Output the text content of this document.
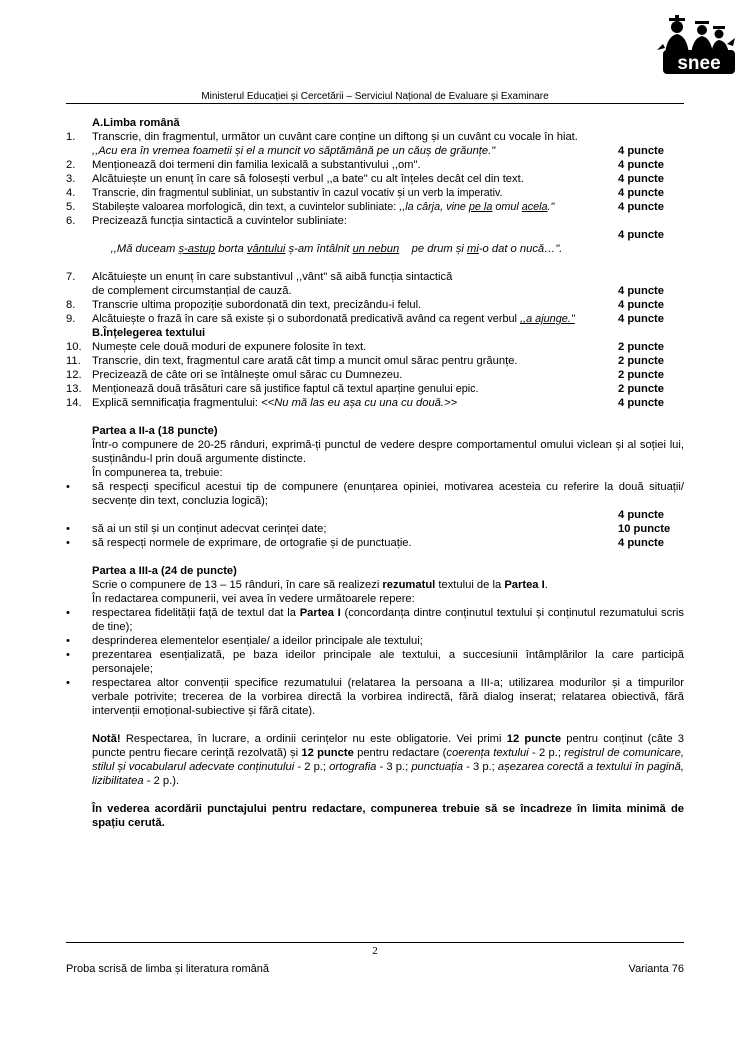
snee
Ministerul Educației și Cercetării – Serviciul Național de Evaluare și Examinare
A.Limba română
1.	Transcrie, din fragmentul, următor un cuvânt care conține un diftong și un cuvânt cu vocale în hiat.
,,Acu era în vremea foametii și el a muncit vo săptămână pe un căuș de grăunțe."	4 puncte
2.	Menționează doi termeni din familia lexicală a substantivului ,,om".	4 puncte
3.	Alcătuiește un enunț în care să folosești verbul ,,a bate" cu alt înțeles decât cel din text.	4 puncte
4.	Transcrie, din fragmentul subliniat, un substantiv în cazul vocativ și un verb la imperativ.	4 puncte
5.	Stabilește valoarea morfologică, din text, a cuvintelor subliniate: ,,la cârja, vine pe la omul acela."	4 puncte
6.	Precizează funcția sintactică a cuvintelor subliniate:

,,Mă duceam ș-astup borta vântului ș-am întâlnit un nebun    pe drum și mi-o dat o nucă…".

4 puncte
7.	Alcătuiește un enunț în care substantivul ,,vânt" să aibă funcția sintactică
de complement circumstanțial de cauză.	4 puncte
8.	Transcrie ultima propoziție subordonată din text, precizându-i felul.	4 puncte
9.	Alcătuiește o frază în care să existe și o subordonată predicativă având ca regent verbul ,,a ajunge."	4 puncte
B.Înțelegerea textului
10. Numește cele două moduri de expunere folosite în text.	2 puncte
11.	Transcrie, din text, fragmentul care arată cât timp a muncit omul sărac pentru grăunțe.	2 puncte
12. Precizează de câte ori se întâlnește omul sărac cu Dumnezeu.	2 puncte
13. Menționează două trăsături care să justifice faptul că textul aparține genului epic.	2 puncte
14. Explică semnificația fragmentului: <<Nu mă las eu așa cu una cu două.>>	4 puncte
Partea a II-a (18 puncte)
Într-o compunere de 20-25 rânduri, exprimă-ți punctul de vedere despre comportamentul omului viclean și al soției lui, susținându-l prin două argumente distincte.
În compunerea ta, trebuie:
•	să respecți specificul acestui tip de compunere (enunțarea opiniei, motivarea acesteia cu referire la două situații/ secvențe din text, concluzia logică);
4 puncte
•	să ai un stil și un conținut adecvat cerinței date;	10 puncte
•	să respecți normele de exprimare, de ortografie și de punctuație.	4 puncte
Partea a III-a (24 de puncte)
Scrie o compunere de 13 – 15 rânduri, în care să realizezi rezumatul textului de la Partea I.
În redactarea compunerii, vei avea în vedere următoarele repere:
•	respectarea fidelității față de textul dat la Partea I (concordanța dintre conținutul textului și conținutul rezumatului scris de tine);
•	desprinderea elementelor esențiale/ a ideilor principale ale textului;
•	prezentarea esențializată, pe baza ideilor principale ale textului, a succesiunii întâmplărilor la care participă personajele;
•	respectarea altor convenții specifice rezumatului (relatarea la persoana a III-a; utilizarea modurilor și a timpurilor verbale potrivite; trecerea de la vorbirea directă la vorbirea indirectă, fără dialog inserat; relatarea obiectivă, fără intervenții emoțional-subiective și fără citate).
Notă! Respectarea, în lucrare, a ordinii cerințelor nu este obligatorie. Vei primi 12 puncte pentru conținut (câte 3 puncte pentru fiecare cerință rezolvată) și 12 puncte pentru redactare (coerența textului - 2 p.; registrul de comunicare, stilul și vocabularul adecvate conținutului - 2 p.; ortografia - 3 p.; punctuația - 3 p.; așezarea corectă a textului în pagină, lizibilitatea - 2 p.).
În vederea acordării punctajului pentru redactare, compunerea trebuie să se încadreze în limita minimă de spațiu cerută.
2
Proba scrisă de limba și literatura română	Varianta 76
